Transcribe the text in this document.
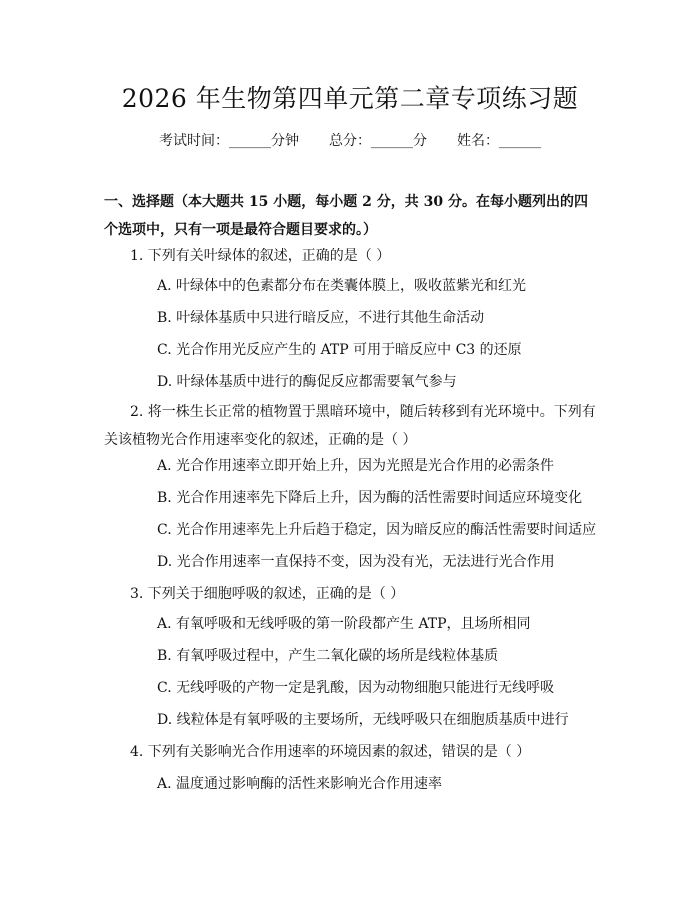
2026 年生物第四单元第二章专项练习题
考试时间：______分钟 总分：______分 姓名：______
一、选择题（本大题共 15 小题，每小题 2 分，共 30 分。在每小题列出的四个选项中，只有一项是最符合题目要求的。）
1. 下列有关叶绿体的叙述，正确的是（ ）
A. 叶绿体中的色素都分布在类囊体膜上，吸收蓝紫光和红光
B. 叶绿体基质中只进行暗反应，不进行其他生命活动
C. 光合作用光反应产生的 ATP 可用于暗反应中 C3 的还原
D. 叶绿体基质中进行的酶促反应都需要氧气参与
2. 将一株生长正常的植物置于黑暗环境中，随后转移到有光环境中。下列有关该植物光合作用速率变化的叙述，正确的是（ ）
A. 光合作用速率立即开始上升，因为光照是光合作用的必需条件
B. 光合作用速率先下降后上升，因为酶的活性需要时间适应环境变化
C. 光合作用速率先上升后趋于稳定，因为暗反应的酶活性需要时间适应
D. 光合作用速率一直保持不变，因为没有光，无法进行光合作用
3. 下列关于细胞呼吸的叙述，正确的是（ ）
A. 有氧呼吸和无线呼吸的第一阶段都产生 ATP，且场所相同
B. 有氧呼吸过程中，产生二氧化碳的场所是线粒体基质
C. 无线呼吸的产物一定是乳酸，因为动物细胞只能进行无线呼吸
D. 线粒体是有氧呼吸的主要场所，无线呼吸只在细胞质基质中进行
4. 下列有关影响光合作用速率的环境因素的叙述，错误的是（ ）
A. 温度通过影响酶的活性来影响光合作用速率
